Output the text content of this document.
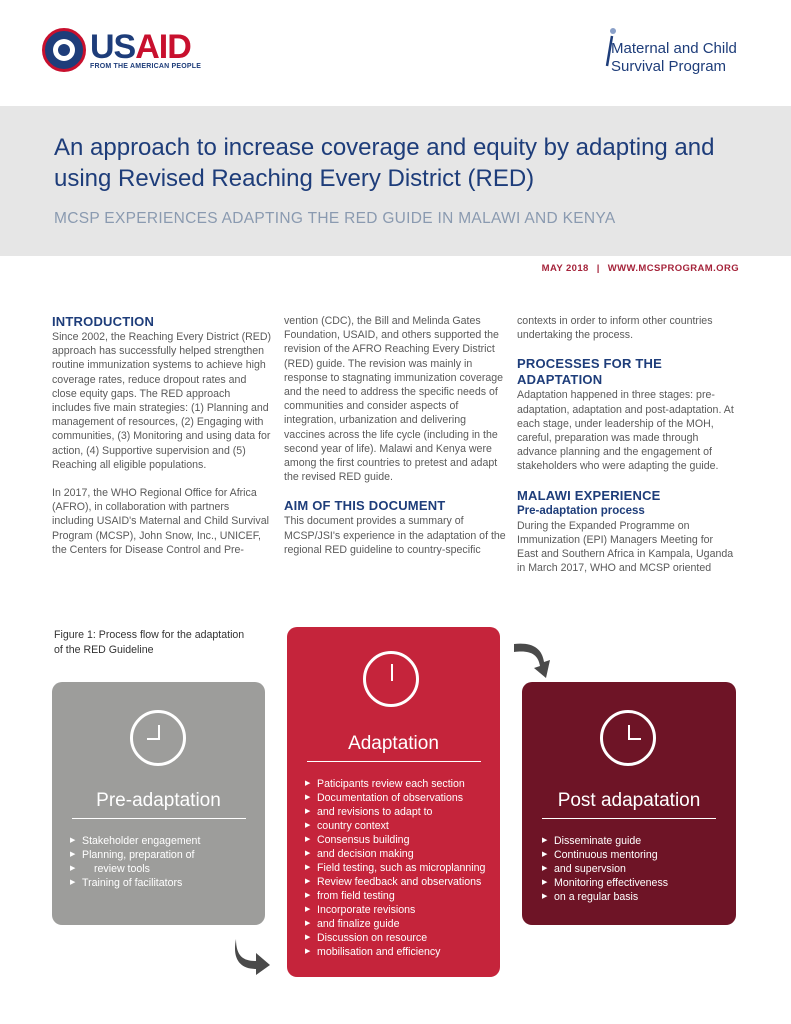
USAID
FROM THE AMERICAN PEOPLE
Maternal and Child
Survival Program
An approach to increase coverage and equity by adapting and using Revised Reaching Every District (RED)
MCSP EXPERIENCES ADAPTING THE RED GUIDE IN MALAWI AND KENYA
MAY 2018 | WWW.MCSPROGRAM.ORG
INTRODUCTION

Since 2002, the Reaching Every District (RED) approach has successfully helped strengthen routine immunization systems to achieve high coverage rates, reduce dropout rates and close equity gaps. The RED approach includes five main strategies: (1) Planning and management of resources, (2) Engaging with communities, (3) Monitoring and using data for action, (4) Supportive supervision and (5) Reaching all eligible populations.

In 2017, the WHO Regional Office for Africa (AFRO), in collaboration with partners including USAID's Maternal and Child Survival Program (MCSP), John Snow, Inc., UNICEF, the Centers for Disease Control and Pre-

vention (CDC), the Bill and Melinda Gates Foundation, USAID, and others supported the revision of the AFRO Reaching Every District (RED) guide. The revision was mainly in response to stagnating immunization coverage and the need to address the specific needs of communities and consider aspects of integration, urbanization and delivering vaccines across the life cycle (including in the second year of life). Malawi and Kenya were among the first countries to pretest and adapt the revised RED guide.

AIM OF THIS DOCUMENT

This document provides a summary of MCSP/JSI's experience in the adaptation of the regional RED guideline to country-specific

contexts in order to inform other countries undertaking the process.

PROCESSES FOR THE ADAPTATION

Adaptation happened in three stages: pre-adaptation, adaptation and post-adaptation. At each stage, under leadership of the MOH, careful, preparation was made through advance planning and the engagement of stakeholders who were adapting the guide.

MALAWI EXPERIENCE
Pre-adaptation process

During the Expanded Programme on Immunization (EPI) Managers Meeting for East and Southern Africa in Kampala, Uganda in March 2017, WHO and MCSP oriented

Figure 1: Process flow for the adaptation of the RED Guideline
Pre-adaptation
▶ Stakeholder engagement
▶ Planning, preparation of
▶ review tools
▶ Training of facilitators
Adaptation
▶ Paticipants review each section
▶ Documentation of observations
▶ and revisions to adapt to
▶ country context
▶ Consensus building
▶ and decision making
▶ Field testing, such as microplanning
▶ Review feedback and observations
▶ from field testing
▶ Incorporate revisions
▶ and finalize guide
▶ Discussion on resource
▶ mobilisation and efficiency
Post adapatation
▶ Disseminate guide
▶ Continuous mentoring
▶ and supervsion
▶ Monitoring effectiveness
▶ on a regular basis
